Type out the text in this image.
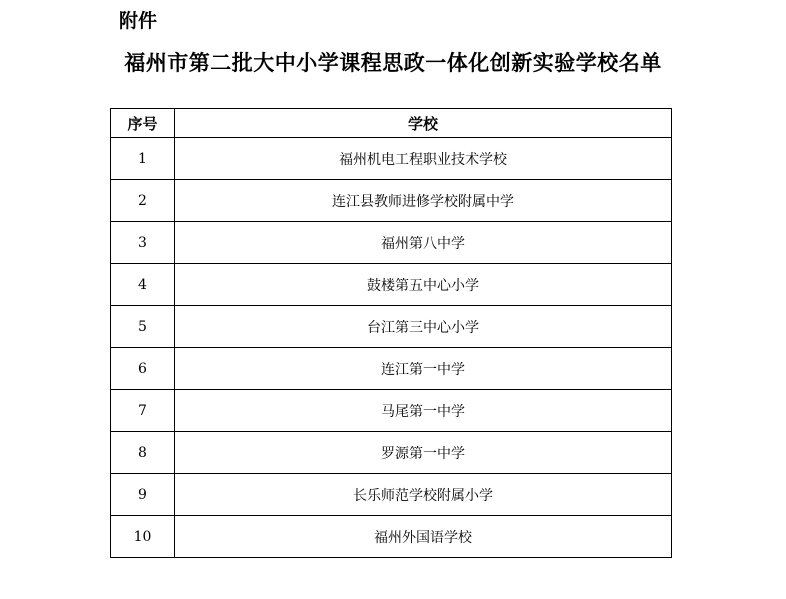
附件
福州市第二批大中小学课程思政一体化创新实验学校名单
序号	学校
1	福州机电工程职业技术学校
2	连江县教师进修学校附属中学
3	福州第八中学
4	鼓楼第五中心小学
5	台江第三中心小学
6	连江第一中学
7	马尾第一中学
8	罗源第一中学
9	长乐师范学校附属小学
10	福州外国语学校
